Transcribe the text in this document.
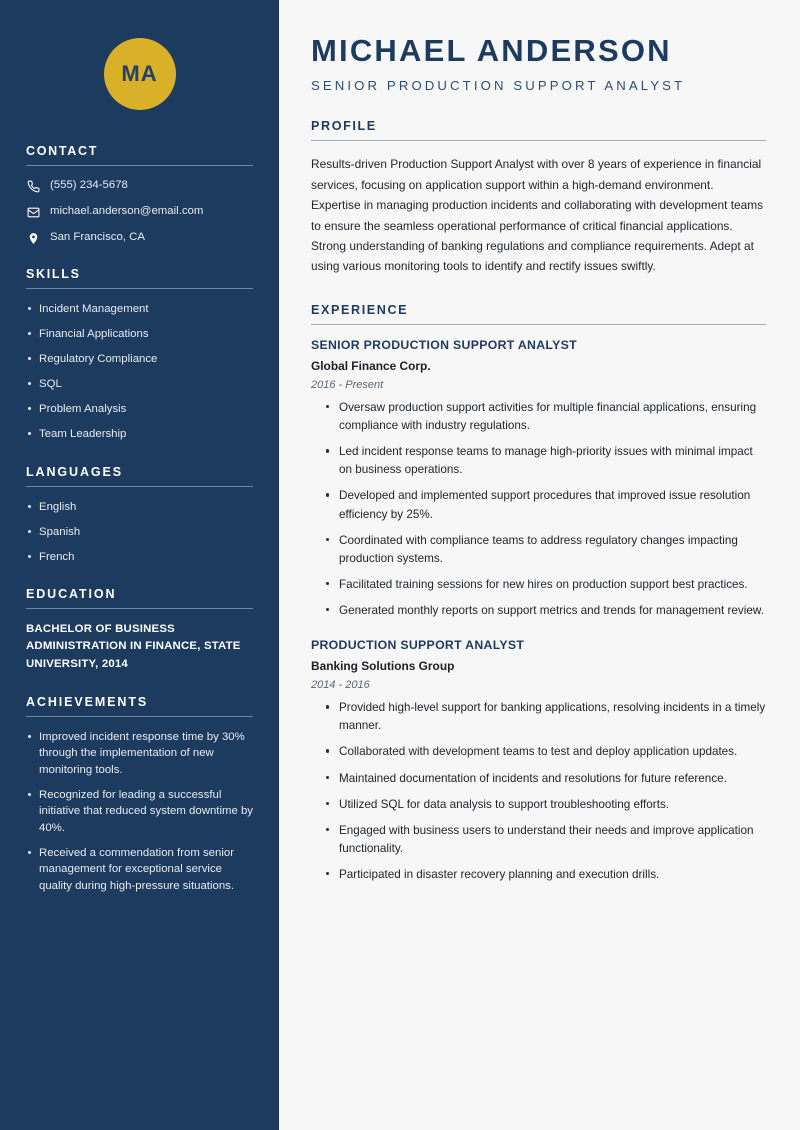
MA
CONTACT
(555) 234-5678
michael.anderson@email.com
San Francisco, CA
SKILLS
Incident Management
Financial Applications
Regulatory Compliance
SQL
Problem Analysis
Team Leadership
LANGUAGES
English
Spanish
French
EDUCATION
BACHELOR OF BUSINESS ADMINISTRATION IN FINANCE, STATE UNIVERSITY, 2014
ACHIEVEMENTS
Improved incident response time by 30% through the implementation of new monitoring tools.
Recognized for leading a successful initiative that reduced system downtime by 40%.
Received a commendation from senior management for exceptional service quality during high-pressure situations.
MICHAEL ANDERSON
SENIOR PRODUCTION SUPPORT ANALYST
PROFILE

Results-driven Production Support Analyst with over 8 years of experience in financial services, focusing on application support within a high-demand environment. Expertise in managing production incidents and collaborating with development teams to ensure the seamless operational performance of critical financial applications. Strong understanding of banking regulations and compliance requirements. Adept at using various monitoring tools to identify and rectify issues swiftly.

EXPERIENCE
SENIOR PRODUCTION SUPPORT ANALYST
Global Finance Corp.
2016 - Present
Oversaw production support activities for multiple financial applications, ensuring compliance with industry regulations.
Led incident response teams to manage high-priority issues with minimal impact on business operations.
Developed and implemented support procedures that improved issue resolution efficiency by 25%.
Coordinated with compliance teams to address regulatory changes impacting production systems.
Facilitated training sessions for new hires on production support best practices.
Generated monthly reports on support metrics and trends for management review.
PRODUCTION SUPPORT ANALYST
Banking Solutions Group
2014 - 2016
Provided high-level support for banking applications, resolving incidents in a timely manner.
Collaborated with development teams to test and deploy application updates.
Maintained documentation of incidents and resolutions for future reference.
Utilized SQL for data analysis to support troubleshooting efforts.
Engaged with business users to understand their needs and improve application functionality.
Participated in disaster recovery planning and execution drills.
